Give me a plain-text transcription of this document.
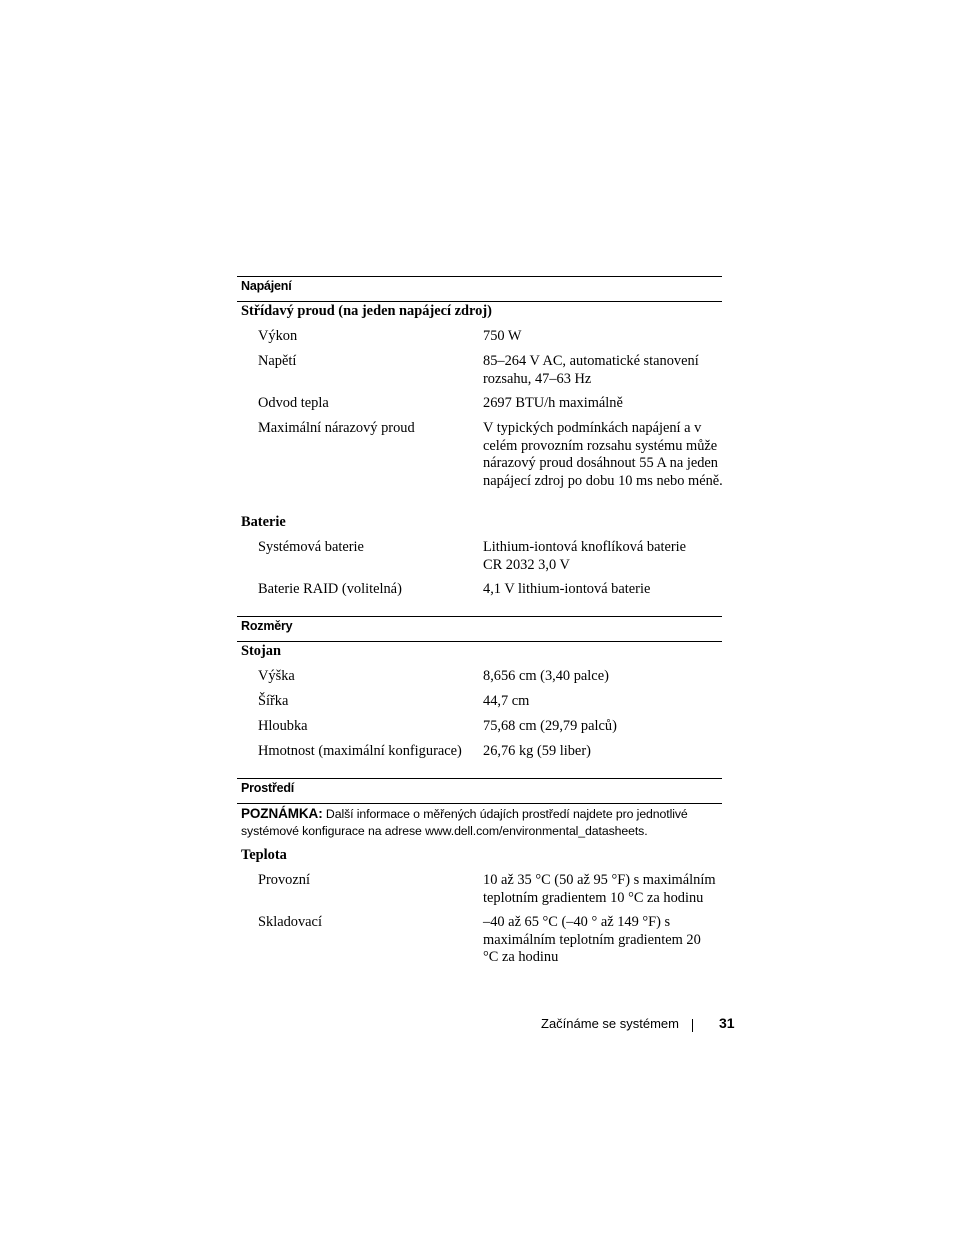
Napájení
Střídavý proud (na jeden napájecí zdroj)
Výkon	750 W
Napětí	85–264 V AC, automatické stanovení rozsahu, 47–63 Hz
Odvod tepla	2697 BTU/h maximálně
Maximální nárazový proud	V typických podmínkách napájení a v celém provozním rozsahu systému může nárazový proud dosáhnout 55 A na jeden napájecí zdroj po dobu 10 ms nebo méně.
Baterie
Systémová baterie	Lithium-iontová knoflíková baterie CR 2032 3,0 V
Baterie RAID (volitelná)	4,1 V lithium-iontová baterie
Rozměry
Stojan
Výška	8,656 cm (3,40 palce)
Šířka	44,7 cm
Hloubka	75,68 cm (29,79 palců)
Hmotnost (maximální konfigurace)	26,76 kg (59 liber)
Prostředí
POZNÁMKA: Další informace o měřených údajích prostředí najdete pro jednotlivé systémové konfigurace na adrese www.dell.com/environmental_datasheets.
Teplota
Provozní	10 až 35 °C (50 až 95 °F) s maximálním teplotním gradientem 10 °C za hodinu
Skladovací	–40 až 65 °C (–40 ° až 149 °F) s maximálním teplotním gradientem 20 °C za hodinu
Začínáme se systémem	31
